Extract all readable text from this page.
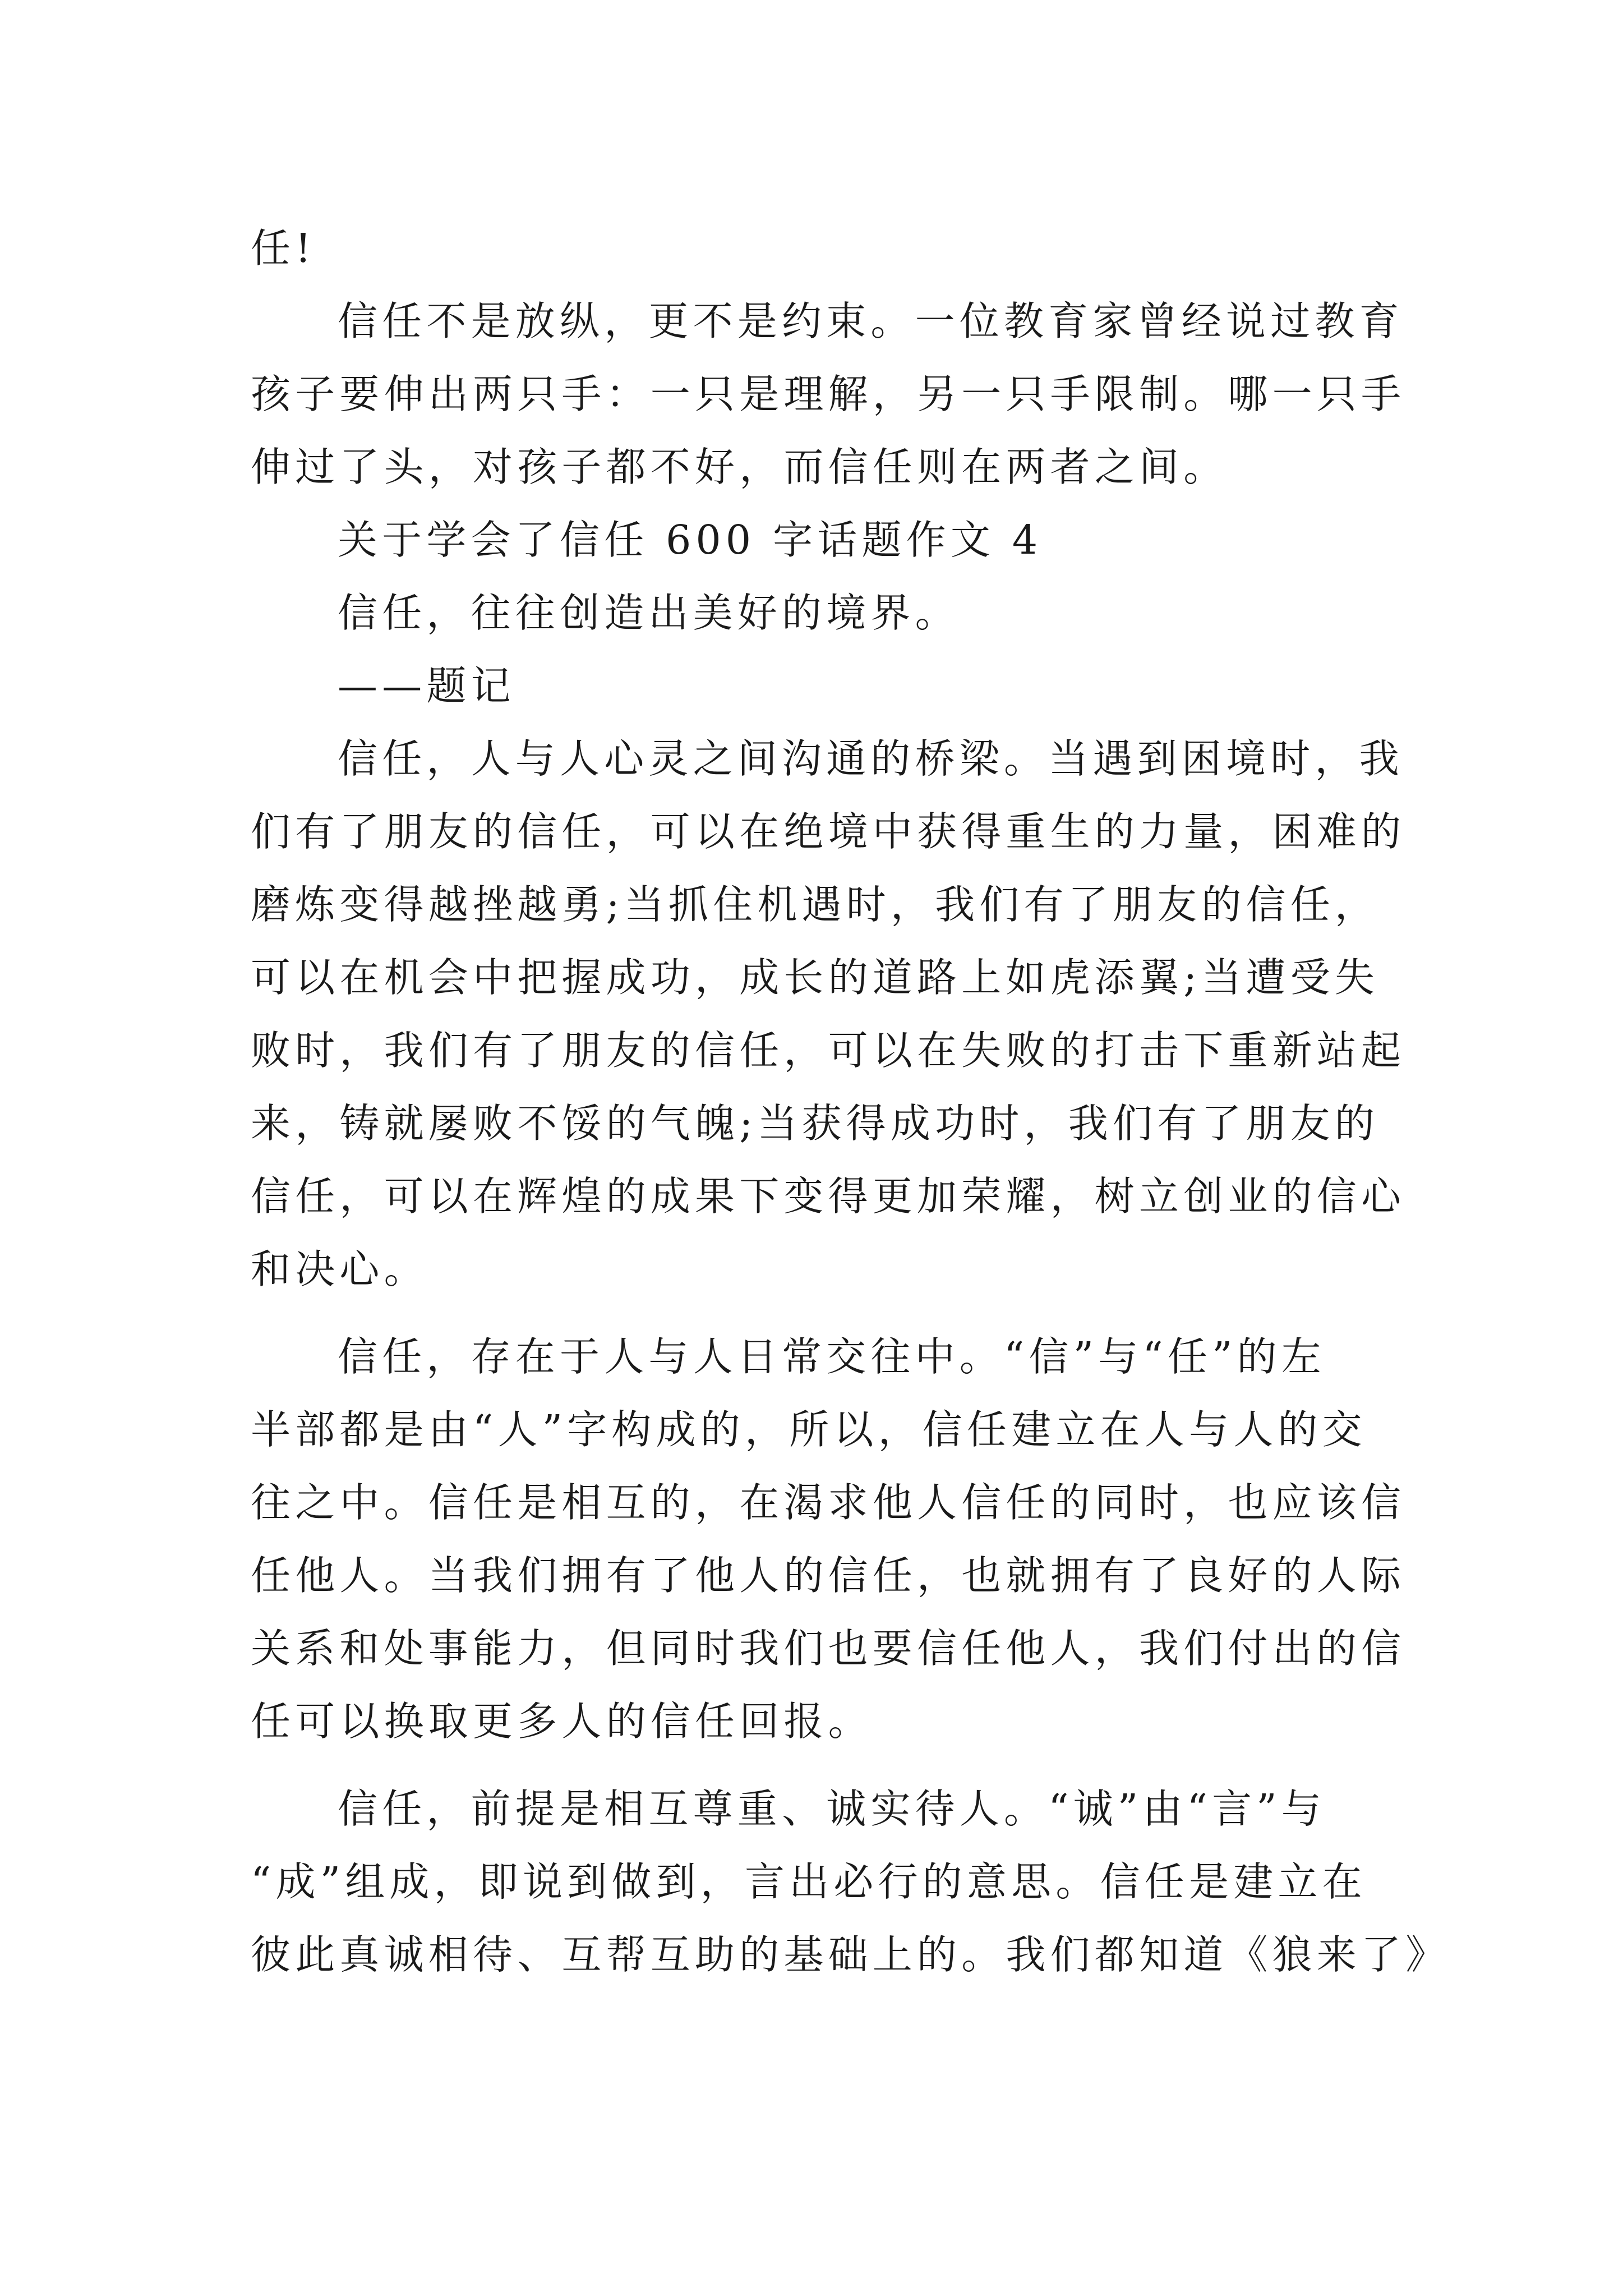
任!

信任不是放纵，更不是约束。一位教育家曾经说过教育

孩子要伸出两只手：一只是理解，另一只手限制。哪一只手

伸过了头，对孩子都不好，而信任则在两者之间。

关于学会了信任 600 字话题作文 4

信任，往往创造出美好的境界。

——题记

信任，人与人心灵之间沟通的桥梁。当遇到困境时，我

们有了朋友的信任，可以在绝境中获得重生的力量，困难的

磨炼变得越挫越勇;当抓住机遇时，我们有了朋友的信任，

可以在机会中把握成功，成长的道路上如虎添翼;当遭受失

败时，我们有了朋友的信任，可以在失败的打击下重新站起

来，铸就屡败不馁的气魄;当获得成功时，我们有了朋友的

信任，可以在辉煌的成果下变得更加荣耀，树立创业的信心

和决心。

信任，存在于人与人日常交往中。“信”与“任”的左

半部都是由“人”字构成的，所以，信任建立在人与人的交

往之中。信任是相互的，在渴求他人信任的同时，也应该信

任他人。当我们拥有了他人的信任，也就拥有了良好的人际

关系和处事能力，但同时我们也要信任他人，我们付出的信

任可以换取更多人的信任回报。

信任，前提是相互尊重、诚实待人。“诚”由“言”与

“成”组成，即说到做到，言出必行的意思。信任是建立在

彼此真诚相待、互帮互助的基础上的。我们都知道《狼来了》
